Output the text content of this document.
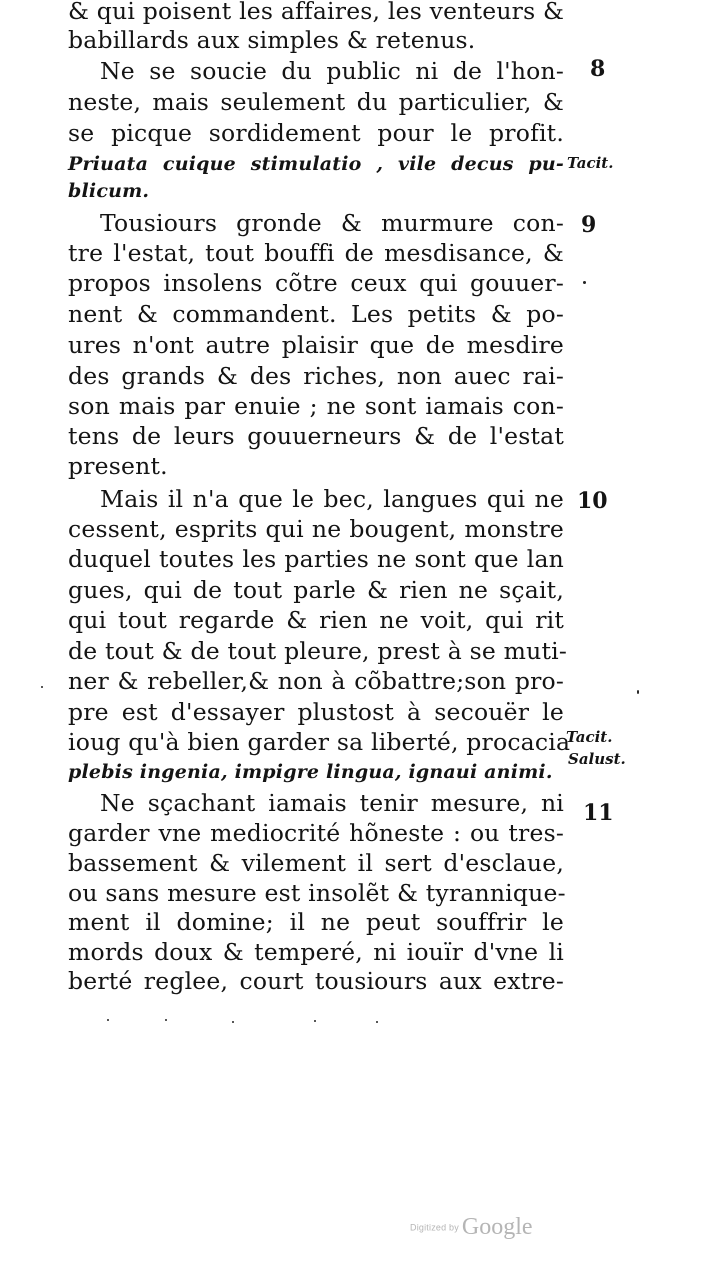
& qui poisent les affaires, les venteurs &
babillards aux simples & retenus.
Ne se soucie du public ni de l'hon-
neste, mais seulement du particulier, &
se picque sordidement pour le profit.
Priuata cuique stimulatio , vile decus pu-
blicum.
Tousiours gronde & murmure con-
tre l'estat, tout bouffi de mesdisance, &
propos insolens cõtre ceux qui gouuer-
nent & commandent. Les petits & po-
ures n'ont autre plaisir que de mesdire
des grands & des riches, non auec rai-
son mais par enuie ; ne sont iamais con-
tens de leurs gouuerneurs & de l'estat
present.
Mais il n'a que le bec, langues qui ne
cessent, esprits qui ne bougent, monstre
duquel toutes les parties ne sont que lan
gues, qui de tout parle & rien ne sçait,
qui tout regarde & rien ne voit, qui rit
de tout & de tout pleure, prest à se muti-
ner & rebeller,& non à cõbattre;son pro-
pre est d'essayer plustost à secouër le
ioug qu'à bien garder sa liberté, procacia
plebis ingenia, impigre lingua, ignaui animi.
Ne sçachant iamais tenir mesure, ni
garder vne mediocrité hõneste : ou tres-
bassement & vilement il sert d'esclaue,
ou sans mesure est insolẽt & tyrannique-
ment il domine; il ne peut souffrir le
mords doux & temperé, ni iouïr d'vne li
berté reglee, court tousiours aux extre-
8
9
10
11
Tacit.
Tacit.
Salust.
Digitized by Google
